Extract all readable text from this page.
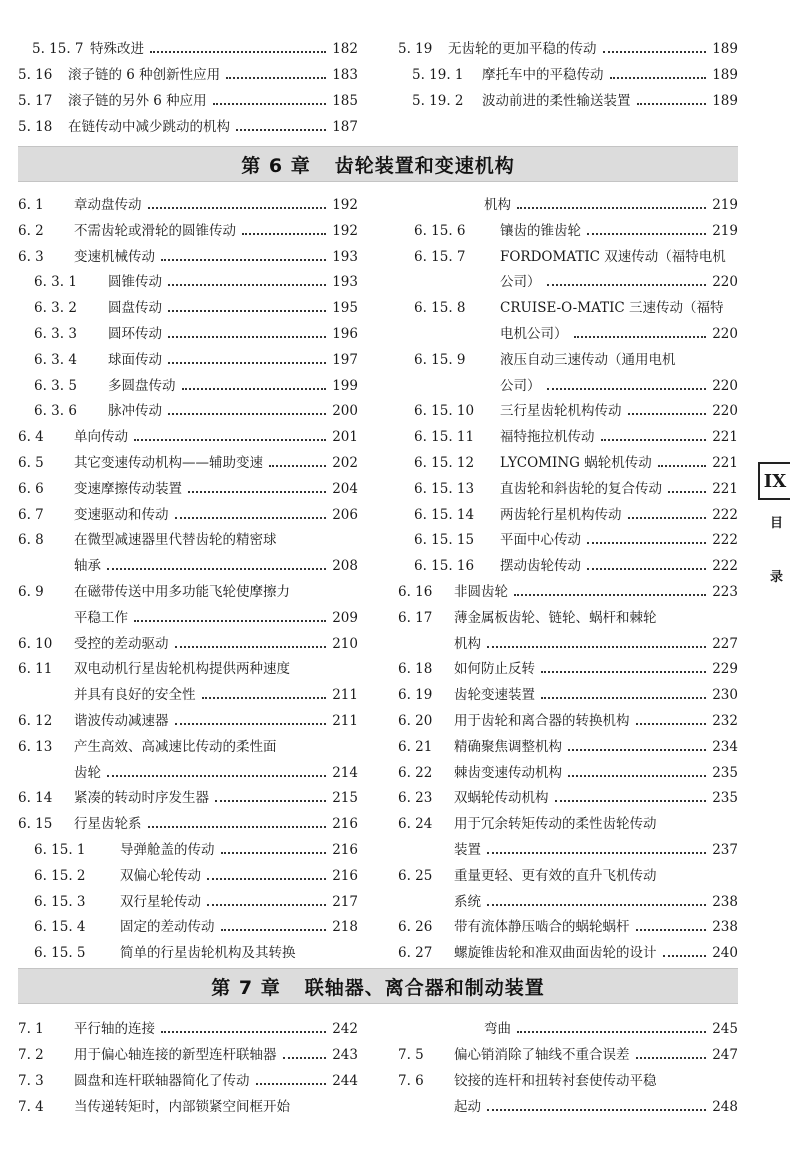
5. 15. 7 特殊改进	182
5. 16	滚子链的 6 种创新性应用	183
5. 17	滚子链的另外 6 种应用	185
5. 18	在链传动中减少跳动的机构	187
5. 19	无齿轮的更加平稳的传动	189
5. 19. 1	摩托车中的平稳传动	189
5. 19. 2	波动前进的柔性输送装置	189
第 6 章 齿轮装置和变速机构
6. 1	章动盘传动	192
6. 2	不需齿轮或滑轮的圆锥传动	192
6. 3	变速机械传动	193
6. 3. 1	圆锥传动	193
6. 3. 2	圆盘传动	195
6. 3. 3	圆环传动	196
6. 3. 4	球面传动	197
6. 3. 5	多圆盘传动	199
6. 3. 6	脉冲传动	200
6. 4	单向传动	201
6. 5	其它变速传动机构——辅助变速	202
6. 6	变速摩擦传动装置	204
6. 7	变速驱动和传动	206
6. 8	在微型减速器里代替齿轮的精密球
轴承	208
6. 9	在磁带传送中用多功能飞轮使摩擦力
平稳工作	209
6. 10	受控的差动驱动	210
6. 11	双电动机行星齿轮机构提供两种速度
并具有良好的安全性	211
6. 12	谐波传动减速器	211
6. 13	产生高效、高减速比传动的柔性面
齿轮	214
6. 14	紧凑的转动时序发生器	215
6. 15	行星齿轮系	216
6. 15. 1	导弹舱盖的传动	216
6. 15. 2	双偏心轮传动	216
6. 15. 3	双行星轮传动	217
6. 15. 4	固定的差动传动	218
6. 15. 5	简单的行星齿轮机构及其转换
机构	219
6. 15. 6	镶齿的锥齿轮	219
6. 15. 7	FORDOMATIC 双速传动（福特电机
公司）	220
6. 15. 8	CRUISE-O-MATIC 三速传动（福特
电机公司）	220
6. 15. 9	液压自动三速传动（通用电机
公司）	220
6. 15. 10	三行星齿轮机构传动	220
6. 15. 11	福特拖拉机传动	221
6. 15. 12	LYCOMING 蜗轮机传动	221
6. 15. 13	直齿轮和斜齿轮的复合传动	221
6. 15. 14	两齿轮行星机构传动	222
6. 15. 15	平面中心传动	222
6. 15. 16	摆动齿轮传动	222
6. 16	非圆齿轮	223
6. 17	薄金属板齿轮、链轮、蜗杆和棘轮
机构	227
6. 18	如何防止反转	229
6. 19	齿轮变速装置	230
6. 20	用于齿轮和离合器的转换机构	232
6. 21	精确聚焦调整机构	234
6. 22	棘齿变速传动机构	235
6. 23	双蜗轮传动机构	235
6. 24	用于冗余转矩传动的柔性齿轮传动
装置	237
6. 25	重量更轻、更有效的直升飞机传动
系统	238
6. 26	带有流体静压啮合的蜗轮蜗杆	238
6. 27	螺旋锥齿轮和准双曲面齿轮的设计	240
第 7 章 联轴器、离合器和制动装置
7. 1	平行轴的连接	242
7. 2	用于偏心轴连接的新型连杆联轴器	243
7. 3	圆盘和连杆联轴器简化了传动	244
7. 4	当传递转矩时，内部锁紧空间框开始
弯曲	245
7. 5	偏心销消除了轴线不重合误差	247
7. 6	铰接的连杆和扭转衬套使传动平稳
起动	248
IX
目
录
